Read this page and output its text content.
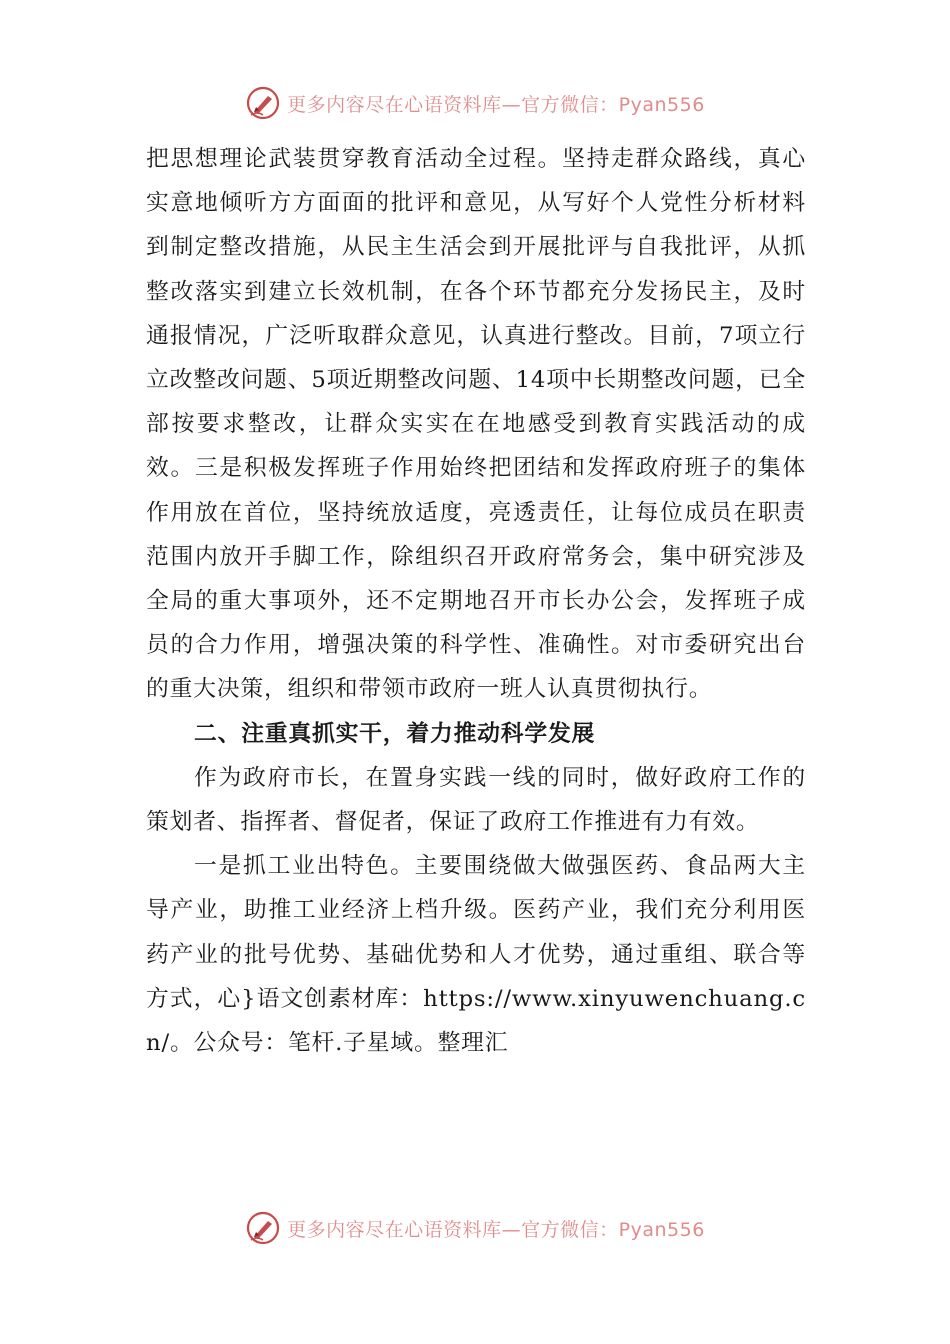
更多内容尽在心语资料库—官方微信：Pyan556

把思想理论武装贯穿教育活动全过程。坚持走群众路线，真心实意地倾听方方面面的批评和意见，从写好个人党性分析材料到制定整改措施，从民主生活会到开展批评与自我批评，从抓整改落实到建立长效机制，在各个环节都充分发扬民主，及时通报情况，广泛听取群众意见，认真进行整改。目前，7项立行立改整改问题、5项近期整改问题、14项中长期整改问题，已全部按要求整改，让群众实实在在地感受到教育实践活动的成效。三是积极发挥班子作用始终把团结和发挥政府班子的集体作用放在首位，坚持统放适度，亮透责任，让每位成员在职责范围内放开手脚工作，除组织召开政府常务会，集中研究涉及全局的重大事项外，还不定期地召开市长办公会，发挥班子成员的合力作用，增强决策的科学性、准确性。对市委研究出台的重大决策，组织和带领市政府一班人认真贯彻执行。

二、注重真抓实干，着力推动科学发展

作为政府市长，在置身实践一线的同时，做好政府工作的策划者、指挥者、督促者，保证了政府工作推进有力有效。

一是抓工业出特色。主要围绕做大做强医药、食品两大主导产业，助推工业经济上档升级。医药产业，我们充分利用医药产业的批号优势、基础优势和人才优势，通过重组、联合等方式，心}语文创素材库：https://www.xinyuwenchuang.cn/。公众号：笔杆.子星域。整理汇

更多内容尽在心语资料库—官方微信：Pyan556
